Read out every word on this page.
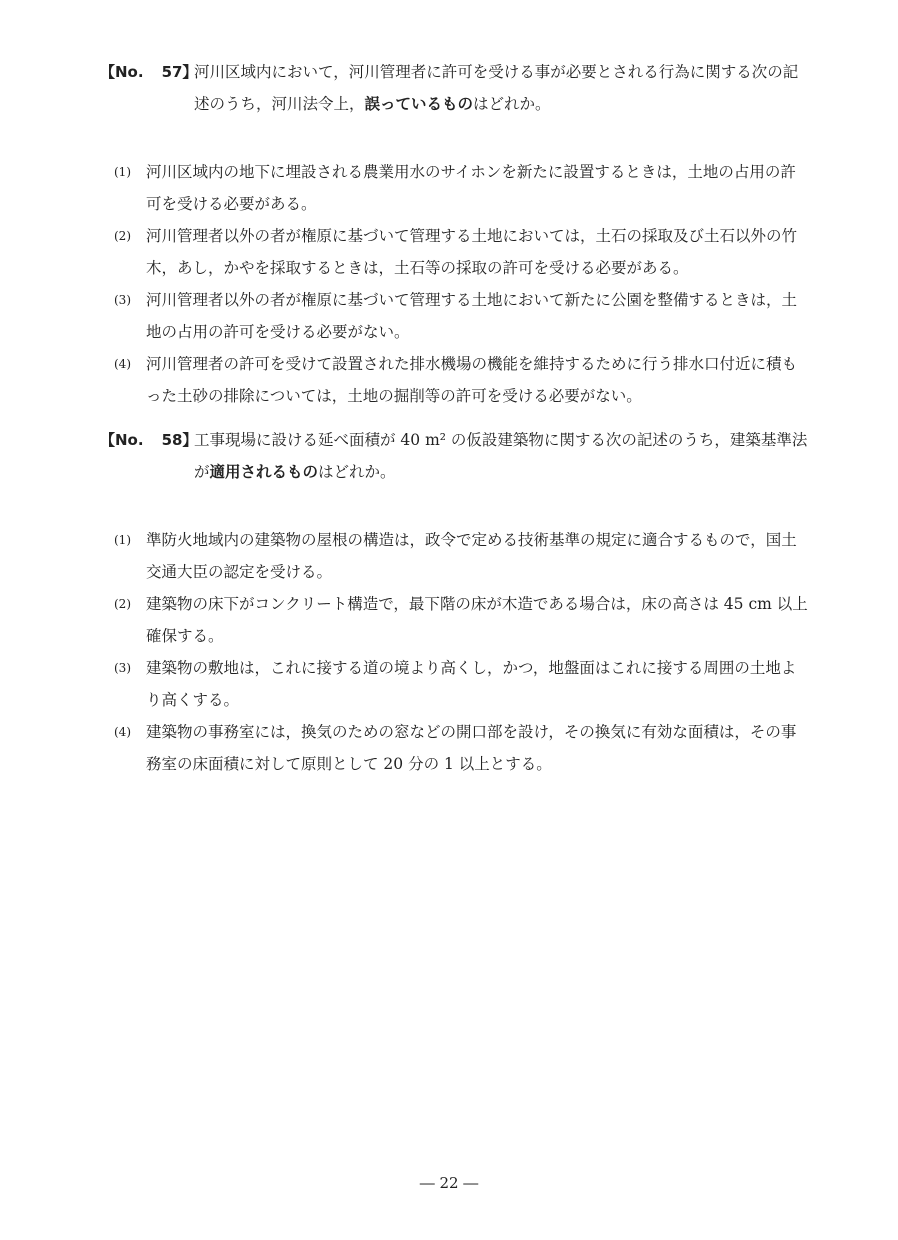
【No. 57】
河川区域内において，河川管理者に許可を受ける事が必要とされる行為に関する次の記述のうち，河川法令上，誤っているものはどれか。
(1) 河川区域内の地下に埋設される農業用水のサイホンを新たに設置するときは，土地の占用の許可を受ける必要がある。
(2) 河川管理者以外の者が権原に基づいて管理する土地においては，土石の採取及び土石以外の竹木，あし，かやを採取するときは，土石等の採取の許可を受ける必要がある。
(3) 河川管理者以外の者が権原に基づいて管理する土地において新たに公園を整備するときは，土地の占用の許可を受ける必要がない。
(4) 河川管理者の許可を受けて設置された排水機場の機能を維持するために行う排水口付近に積もった土砂の排除については，土地の掘削等の許可を受ける必要がない。
【No. 58】
工事現場に設ける延べ面積が 40 m² の仮設建築物に関する次の記述のうち，建築基準法が適用されるものはどれか。
(1) 準防火地域内の建築物の屋根の構造は，政令で定める技術基準の規定に適合するもので，国土交通大臣の認定を受ける。
(2) 建築物の床下がコンクリート構造で，最下階の床が木造である場合は，床の高さは 45 cm 以上確保する。
(3) 建築物の敷地は，これに接する道の境より高くし，かつ，地盤面はこれに接する周囲の土地より高くする。
(4) 建築物の事務室には，換気のための窓などの開口部を設け，その換気に有効な面積は，その事務室の床面積に対して原則として 20 分の 1 以上とする。
― 22 ―
